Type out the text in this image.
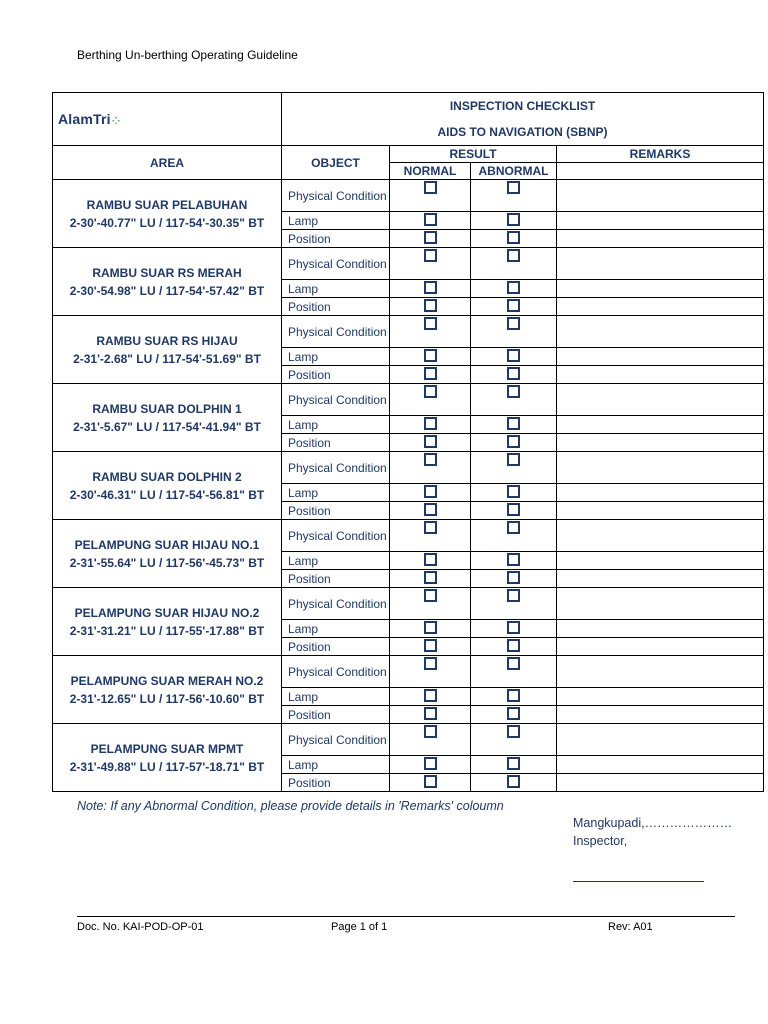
Berthing Un-berthing Operating Guideline
AlamTri⁘	INSPECTION CHECKLIST
AIDS TO NAVIGATION (SBNP)			

AREA	OBJECT	RESULT		REMARKS
		NORMAL	ABNORMAL	

RAMBU SUAR PELABUHAN
2-30'-40.77" LU / 117-54'-30.35" BT	Physical Condition			
	Lamp			
	Position			

RAMBU SUAR RS MERAH
2-30'-54.98" LU / 117-54'-57.42" BT	Physical Condition			
	Lamp			
	Position			

RAMBU SUAR RS HIJAU
2-31'-2.68" LU / 117-54'-51.69" BT	Physical Condition			
	Lamp			
	Position			

RAMBU SUAR DOLPHIN 1
2-31'-5.67" LU / 117-54'-41.94" BT	Physical Condition			
	Lamp			
	Position			

RAMBU SUAR DOLPHIN 2
2-30'-46.31" LU / 117-54'-56.81" BT	Physical Condition			
	Lamp			
	Position			

PELAMPUNG SUAR HIJAU NO.1
2-31'-55.64" LU / 117-56'-45.73" BT	Physical Condition			
	Lamp			
	Position			

PELAMPUNG SUAR HIJAU NO.2
2-31'-31.21" LU / 117-55'-17.88" BT	Physical Condition			
	Lamp			
	Position			

PELAMPUNG SUAR MERAH NO.2
2-31'-12.65" LU / 117-56'-10.60" BT	Physical Condition			
	Lamp			
	Position			

PELAMPUNG SUAR MPMT
2-31'-49.88" LU / 117-57'-18.71" BT	Physical Condition			
	Lamp			
	Position			
Note: If any Abnormal Condition, please provide details in 'Remarks' coloumn
Mangkupadi,…………………
Inspector,
Doc. No. KAI-POD-OP-01	Page 1 of 1	Rev: A01
